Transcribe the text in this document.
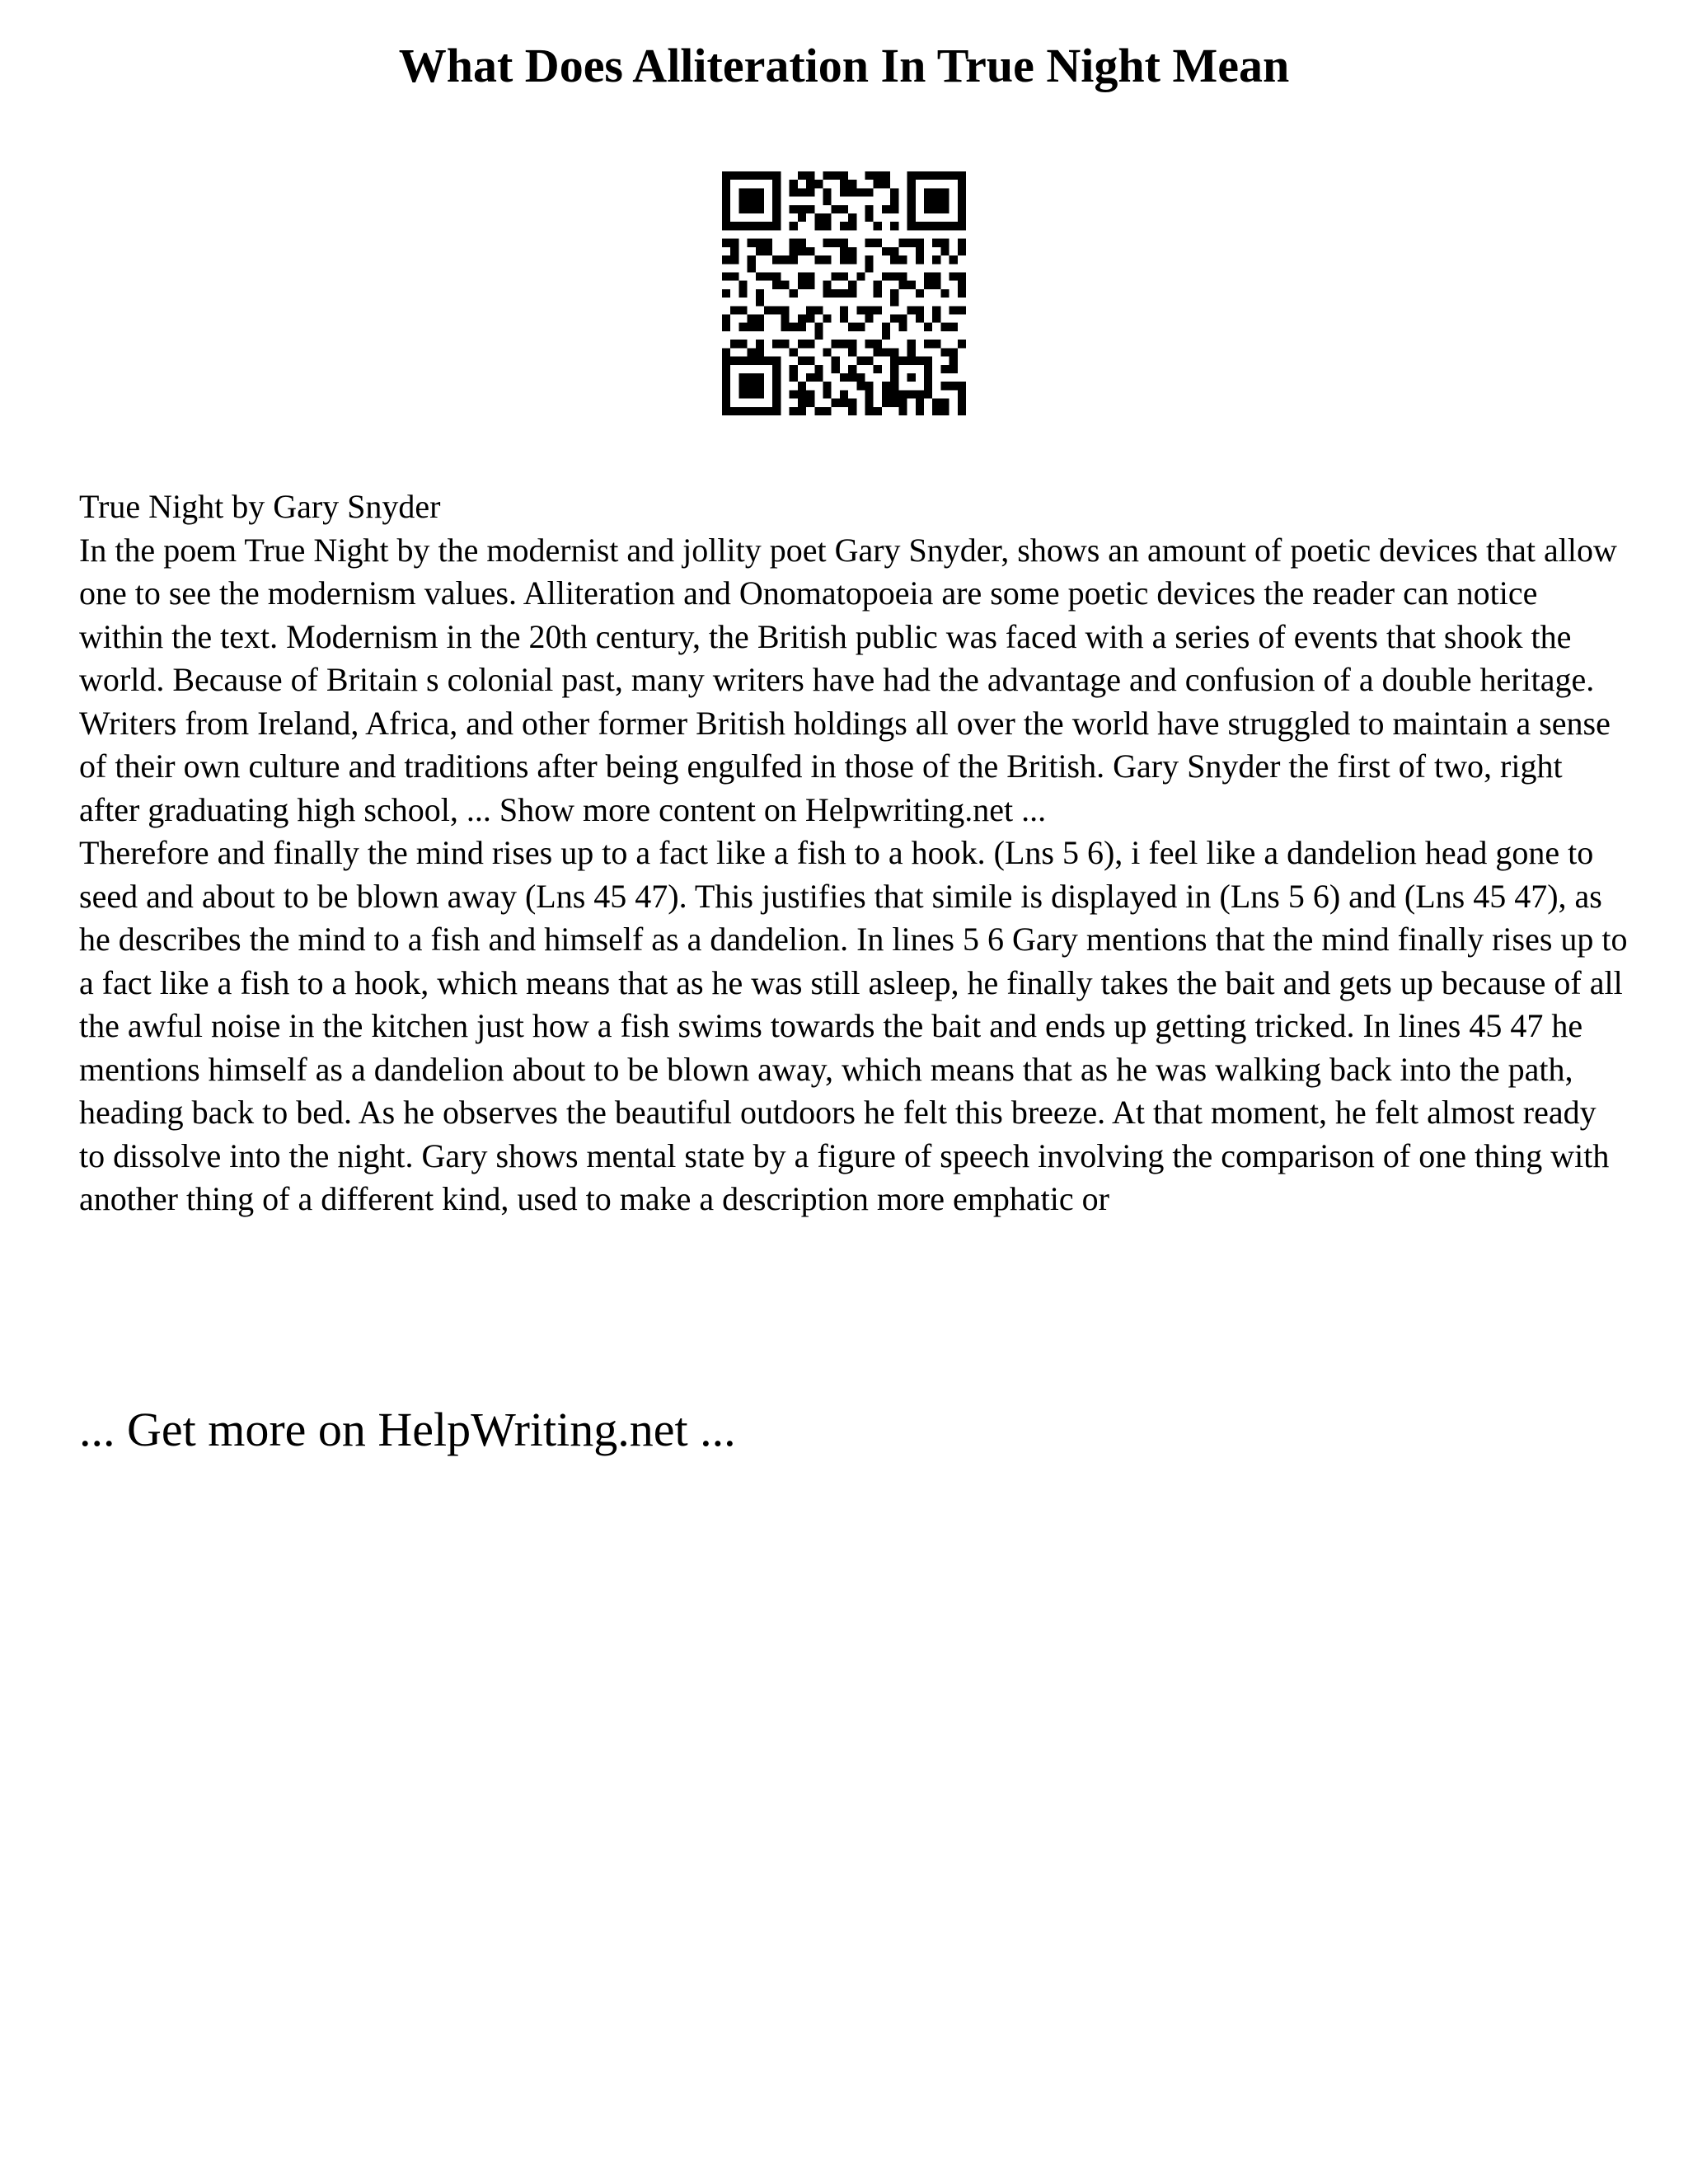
What Does Alliteration In True Night Mean

True Night by Gary Snyder

In the poem True Night by the modernist and jollity poet Gary Snyder, shows an amount of poetic devices that allow one to see the modernism values. Alliteration and Onomatopoeia are some poetic devices the reader can notice within the text. Modernism in the 20th century, the British public was faced with a series of events that shook the world. Because of Britain s colonial past, many writers have had the advantage and confusion of a double heritage. Writers from Ireland, Africa, and other former British holdings all over the world have struggled to maintain a sense of their own culture and traditions after being engulfed in those of the British. Gary Snyder the first of two, right after graduating high school, ... Show more content on Helpwriting.net ...

Therefore and finally the mind rises up to a fact like a fish to a hook. (Lns 5 6), i feel like a dandelion head gone to seed and about to be blown away (Lns 45 47). This justifies that simile is displayed in (Lns 5 6) and (Lns 45 47), as he describes the mind to a fish and himself as a dandelion. In lines 5 6 Gary mentions that the mind finally rises up to a fact like a fish to a hook, which means that as he was still asleep, he finally takes the bait and gets up because of all the awful noise in the kitchen just how a fish swims towards the bait and ends up getting tricked. In lines 45 47 he mentions himself as a dandelion about to be blown away, which means that as he was walking back into the path, heading back to bed. As he observes the beautiful outdoors he felt this breeze. At that moment, he felt almost ready to dissolve into the night. Gary shows mental state by a figure of speech involving the comparison of one thing with another thing of a different kind, used to make a description more emphatic or

... Get more on HelpWriting.net ...
